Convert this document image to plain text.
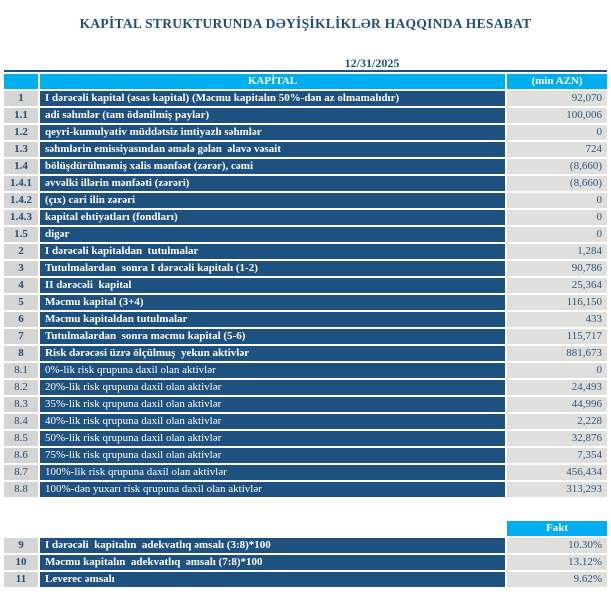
KAPİTAL STRUKTURUNDA DƏYİŞİKLİKLƏR HAQQINDA HESABAT
12/31/2025
	KAPİTAL	(min AZN)
1	I dərəcəli kapital (əsas kapital) (Məcmu kapitalın 50%-dən az olmamalıdır)	92,070
1.1	adi səhmlər (tam ödənilmiş paylar)	100,006
1.2	qeyri-kumulyativ müddətsiz imtiyazlı səhmlər	0
1.3	səhmlərin emissiyasından əmələ gələn  əlavə vəsait	724
1.4	bölüşdürülməmiş xalis mənfəət (zərər), cəmi	(8,660)
1.4.1	əvvəlki illərin mənfəəti (zərəri)	(8,660)
1.4.2	(çıx) cari ilin zərəri	0
1.4.3	kapital ehtiyatları (fondları)	0
1.5	digər	0
2	I dərəcəli kapitaldan  tutulmalar	1,284
3	Tutulmalardan  sonra I dərəcəli kapitalı (1-2)	90,786
4	II dərəcəli  kapital	25,364
5	Məcmu kapital (3+4)	116,150
6	Məcmu kapitaldan tutulmalar	433
7	Tutulmalardan  sonra məcmu kapital (5-6)	115,717
8	Risk dərəcəsi üzrə ölçülmuş  yekun aktivlər	881,673
8.1	0%-lik risk qrupuna daxil olan aktivlər	0
8.2	20%-lik risk qrupuna daxil olan aktivlər	24,493
8.3	35%-lik risk qrupuna daxil olan aktivlər	44,996
8.4	40%-lik risk qrupuna daxil olan aktivlər	2,228
8.5	50%-lik risk qrupuna daxil olan aktivlər	32,876
8.6	75%-lik risk qrupuna daxil olan aktivlər	7,354
8.7	100%-lik risk qrupuna daxil olan aktivlər	456,434
8.8	100%-dən yuxarı risk qrupuna daxil olan aktivlər	313,293
		Fakt
9	I dərəcəli  kapitalın  adekvatlıq əmsalı (3:8)*100	10.30%
10	Məcmu kapitalın  adekvatlıq  əmsalı (7:8)*100	13.12%
11	Leverec əmsalı	9.62%
